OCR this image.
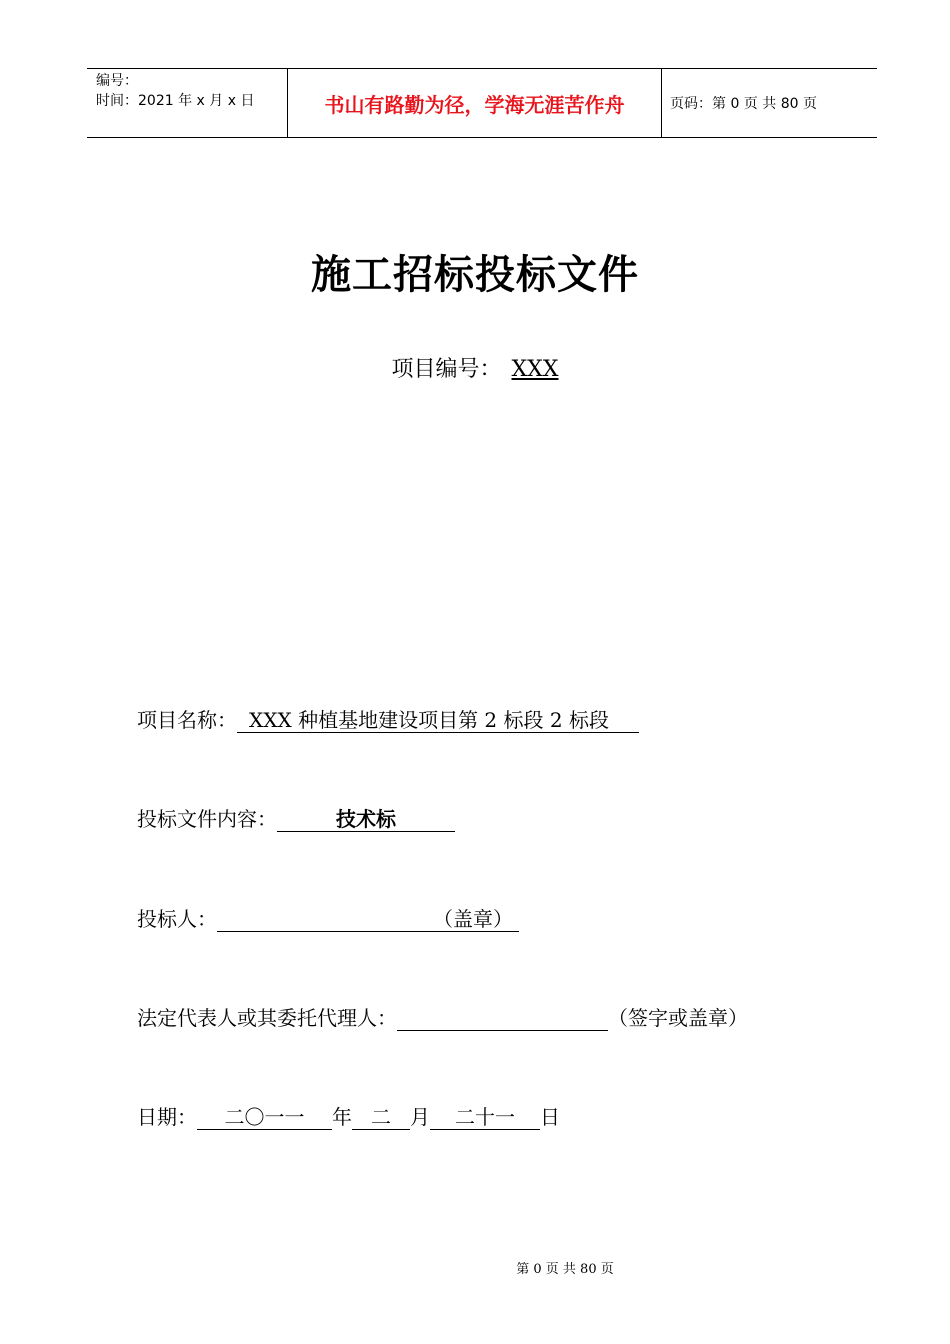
编号：
时间：2021 年 x 月 x 日	书山有路勤为径，学海无涯苦作舟	页码：第 0 页 共 80 页
施工招标投标文件
项目编号： XXX
项目名称： XXX 种植基地建设项目第 2 标段 2 标段
投标文件内容：	技术标
投标人：	（盖章）
法定代表人或其委托代理人：	（签字或盖章）
日期： 二〇一一 年 二 月 二十一 日
第 0 页 共 80 页
